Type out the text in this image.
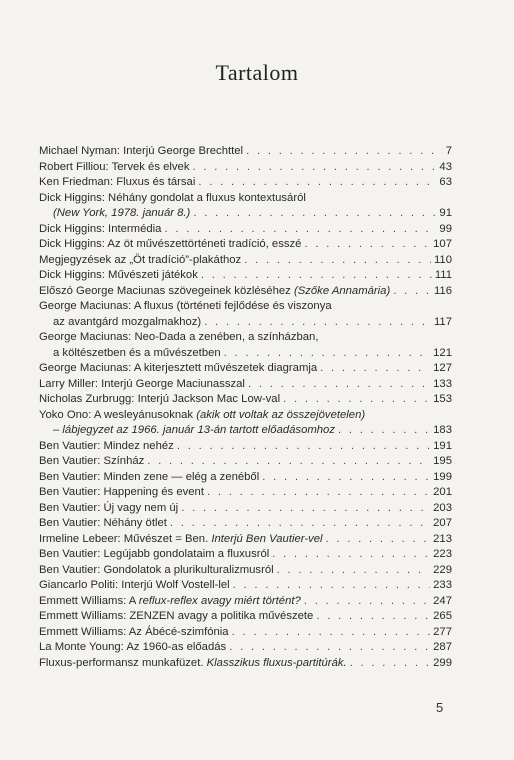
Tartalom
Michael Nyman: Interjú George Brechttel . . .	7
Robert Filliou: Tervek és elvek . . .	43
Ken Friedman: Fluxus és társai . . .	63
Dick Higgins: Néhány gondolat a fluxus kontextusáról
(New York, 1978. január 8.) . . .	91
Dick Higgins: Intermédia . . .	99
Dick Higgins: Az öt művészettörténeti tradíció, esszé . . .	107
Megjegyzések az „Öt tradíció”-plakáthoz . . .	110
Dick Higgins: Művészeti játékok . . .	111
Előszó George Maciunas szövegeinek közléséhez (Szőke Annamária) . . .	116
George Maciunas: A fluxus (történeti fejlődése és viszonya
az avantgárd mozgalmakhoz) . . .	117
George Maciunas: Neo-Dada a zenében, a színházban,
a költészetben és a művészetben . . .	121
George Maciunas: A kiterjesztett művészetek diagramja . . .	127
Larry Miller: Interjú George Maciunasszal . . .	133
Nicholas Zurbrugg: Interjú Jackson Mac Low-val . . .	153
Yoko Ono: A wesleyánusoknak (akik ott voltak az összejövetelen)
– lábjegyzet az 1966. január 13-án tartott előadásomhoz . . .	183
Ben Vautier: Mindez nehéz . . .	191
Ben Vautier: Színház . . .	195
Ben Vautier: Minden zene — elég a zenéből . . .	199
Ben Vautier: Happening és event . . .	201
Ben Vautier: Új vagy nem új . . .	203
Ben Vautier: Néhány ötlet . . .	207
Irmeline Lebeer: Művészet = Ben. Interjú Ben Vautier-vel . . .	213
Ben Vautier: Legújabb gondolataim a fluxusról . . .	223
Ben Vautier: Gondolatok a plurikulturalizmusról . . .	229
Giancarlo Politi: Interjú Wolf Vostell-lel . . .	233
Emmett Williams: A reflux-reflex avagy miért történt? . . .	247
Emmett Williams: ZENZEN avagy a politika művészete . . .	265
Emmett Williams: Az Ábécé-szimfónia . . .	277
La Monte Young: Az 1960-as előadás . . .	287
Fluxus-performansz munkafüzet. Klasszikus fluxus-partitúrák. . . .	299
5
